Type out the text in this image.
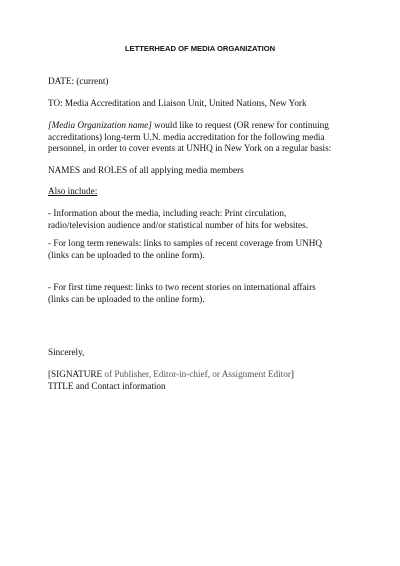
LETTERHEAD OF MEDIA ORGANIZATION

DATE: (current)

TO: Media Accreditation and Liaison Unit, United Nations, New York

[Media Organization name] would like to request (OR renew for continuing
accreditations) long-term U.N. media accreditation for the following media
personnel, in order to cover events at UNHQ in New York on a regular basis:

NAMES and ROLES of all applying media members

Also include:

- Information about the media, including reach: Print circulation,
radio/television audience and/or statistical number of hits for websites.
- For long term renewals: links to samples of recent coverage from UNHQ
(links can be uploaded to the online form).
- For first time request: links to two recent stories on international affairs
(links can be uploaded to the online form).

Sincerely,

[SIGNATURE of Publisher, Editor-in-chief, or Assignment Editor]
TITLE and Contact information
